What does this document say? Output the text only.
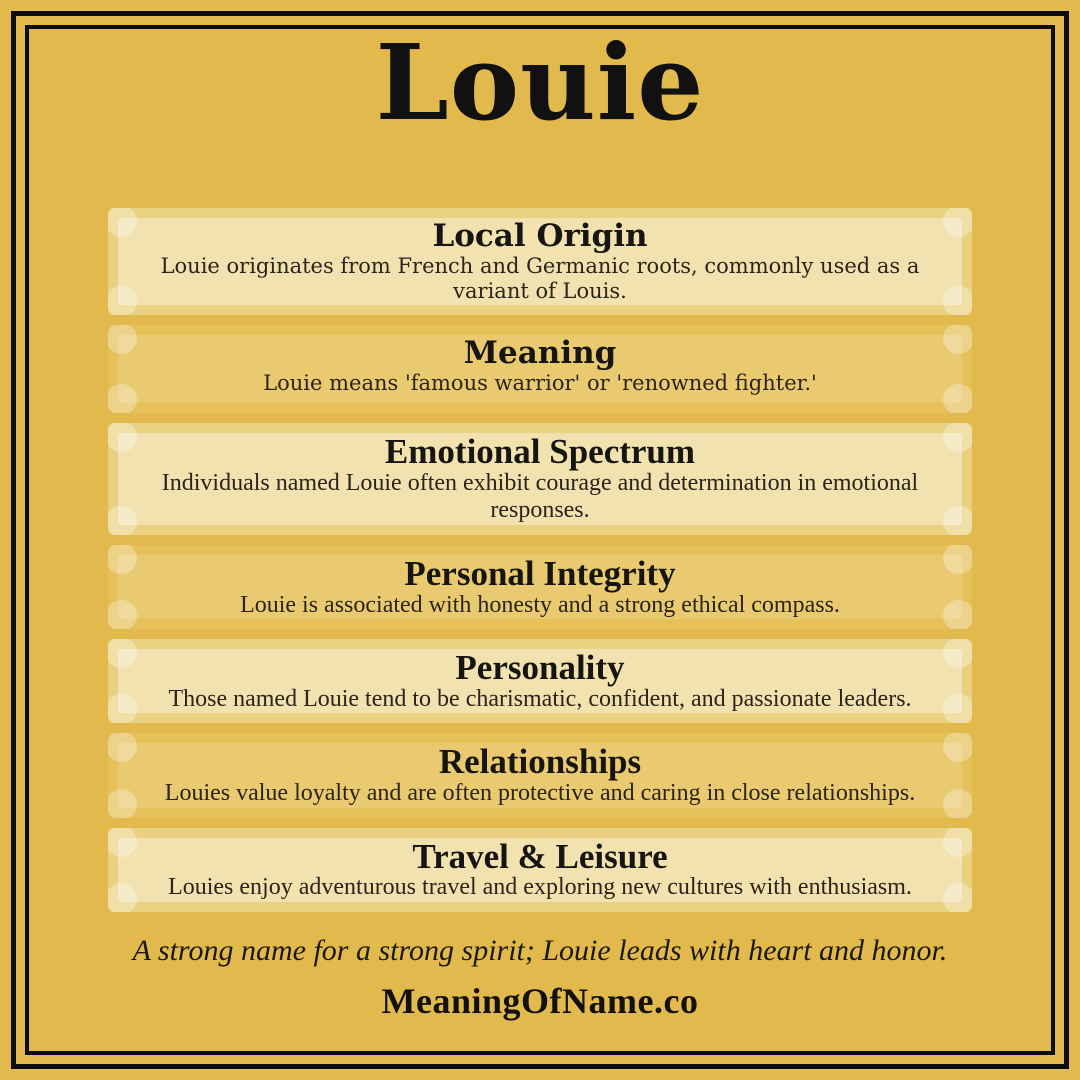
Louie
Local Origin

Louie originates from French and Germanic roots, commonly used as a variant of Louis.

Meaning

Louie means 'famous warrior' or 'renowned fighter.'

Emotional Spectrum

Individuals named Louie often exhibit courage and determination in emotional responses.

Personal Integrity

Louie is associated with honesty and a strong ethical compass.

Personality

Those named Louie tend to be charismatic, confident, and passionate leaders.

Relationships

Louies value loyalty and are often protective and caring in close relationships.

Travel & Leisure

Louies enjoy adventurous travel and exploring new cultures with enthusiasm.

A strong name for a strong spirit; Louie leads with heart and honor.

MeaningOfName.co
